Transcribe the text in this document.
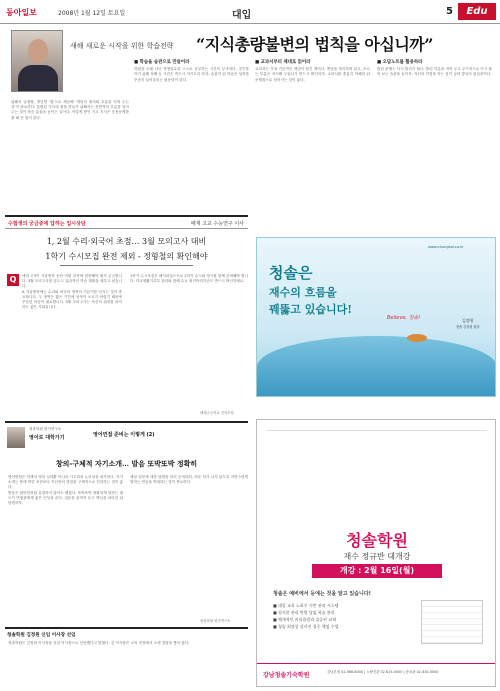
동아일보	2008년 1월 12일 토요일	대입	5	Edu TOWN
새해 새로운 시작을 위한 학습전략 “지식총량불변의 법칙을 아십니까”

위해서 일정량, 개념별 '집'으로 제공해 '개념의 원리와 흐름을 익혀 두는 것'이 중요하다. 통합된 지식의 집을 만들기 위해서는 전반적인 흐름을 알아 두는 것이 학습 효율을 높이는 길이다. 이렇게 쌓인 기초 지식은 응용문제를 풀 때 큰 힘이 된다.

■ 학습을 습관으로 만들어라

학원을 오래 다닌 학생일수록 스스로 공부하는 시간이 부족하다. 공부를 하기 위해 정해 둔 시간은 반드시 지키도록 하자. 습관이 된 학습은 성적을 꾸준히 끌어올리는 원동력이 된다.

■ 교과서부터 제대로 읽어라

교과서는 가장 기본적인 개념이 담긴 책이다. 개념을 정리하며 읽고, 모르는 부분은 표시해 두었다가 반드시 확인하자. 교과서를 충분히 이해한 뒤 문제집으로 넘어가는 것이 좋다.

■ 오답노트를 활용하라

틀린 문제는 다시 틀리기 쉽다. 틀린 이유를 적어 두고 주기적으로 다시 풀어 보는 습관을 들이자. 자신의 약점을 아는 것이 실력 향상의 첫걸음이다.

수험생의 궁금증에 답하는 입시상담	배재 고교 수능연구 이사
1, 2월 수리·외국어 초점… 3월 모의고사 대비
1학기 수시모집 완전 제외 - 정형철의 확인해야
Q	예비 고3이 겨울방학 동안 어떤 과목에 집중해야 할지 궁금합니다. 3월 모의고사를 앞두고 효과적인 학습 계획을 세우고 싶습니다.

A 겨울방학에는 수리와 외국어 영역의 기본기를 다지는 것이 중요합니다. 두 영역은 짧은 기간에 성적이 오르기 어렵기 때문에 꾸준한 학습이 필요합니다. 3월 모의고사는 자신의 위치를 파악하는 좋은 기회입니다.

1학기 수시모집은 폐지되었으므로 2학기 수시와 정시를 함께 준비해야 합니다. 학교생활기록부 관리와 함께 수능 최저학력기준도 반드시 확인하세요.

배재고등학교 진학부장
청솔학원 평가연구소
영어로 대학가기	영어면접 준비는 이렇게 (2)
창의-구체적 자기소개… 발음 또박또박 정확히

영어면접은 학생의 영어 실력뿐 아니라 사고력과 논리성을 평가한다. 자기소개는 틀에 박힌 표현보다 자신만의 경험을 구체적으로 전달하는 것이 좋다.

발음은 원어민처럼 유창하지 않아도 괜찮다. 또박또박 정확하게 말하는 태도가 면접관에게 좋은 인상을 준다. 질문을 끝까지 듣고 핵심을 파악한 뒤 답변하자.

예상 질문에 대한 답변을 미리 준비하되, 외운 티가 나지 않도록 자연스럽게 말하는 연습을 반복하는 것이 중요하다.

청솔학원 평가연구소
청솔학원 김정원 신임 이사장 선임

청솔학원은 김정원 이사장을 신임 이사장으로 선임했다고 밝혔다. 김 이사장은 교육 현장에서 오랜 경험을 쌓아 왔다.

www.chungsol.co.kr
청솔은
재수의 흐름을
꿰뚫고 있습니다!
Believe, 청솔!	김정원
청솔 김정원 원장
청솔학원
재수 정규반 대개강
개강 : 2월 16일(월)
청솔은 예비에서 등에는 것을 알고 있습니다!
■ 대입 교육 노하우 기반 관리 시스템
■ 철저한 관리 반별 담임 학습 관리
■ 체계적인 커리큘럼과 검증된 교재
■ 청솔 최정상 강사진 집중 책임 수업
강남청솔기숙학원	강남본원 02-568-6000 | 노량진관 02-815-0000 | 송파관 02-430-0000
